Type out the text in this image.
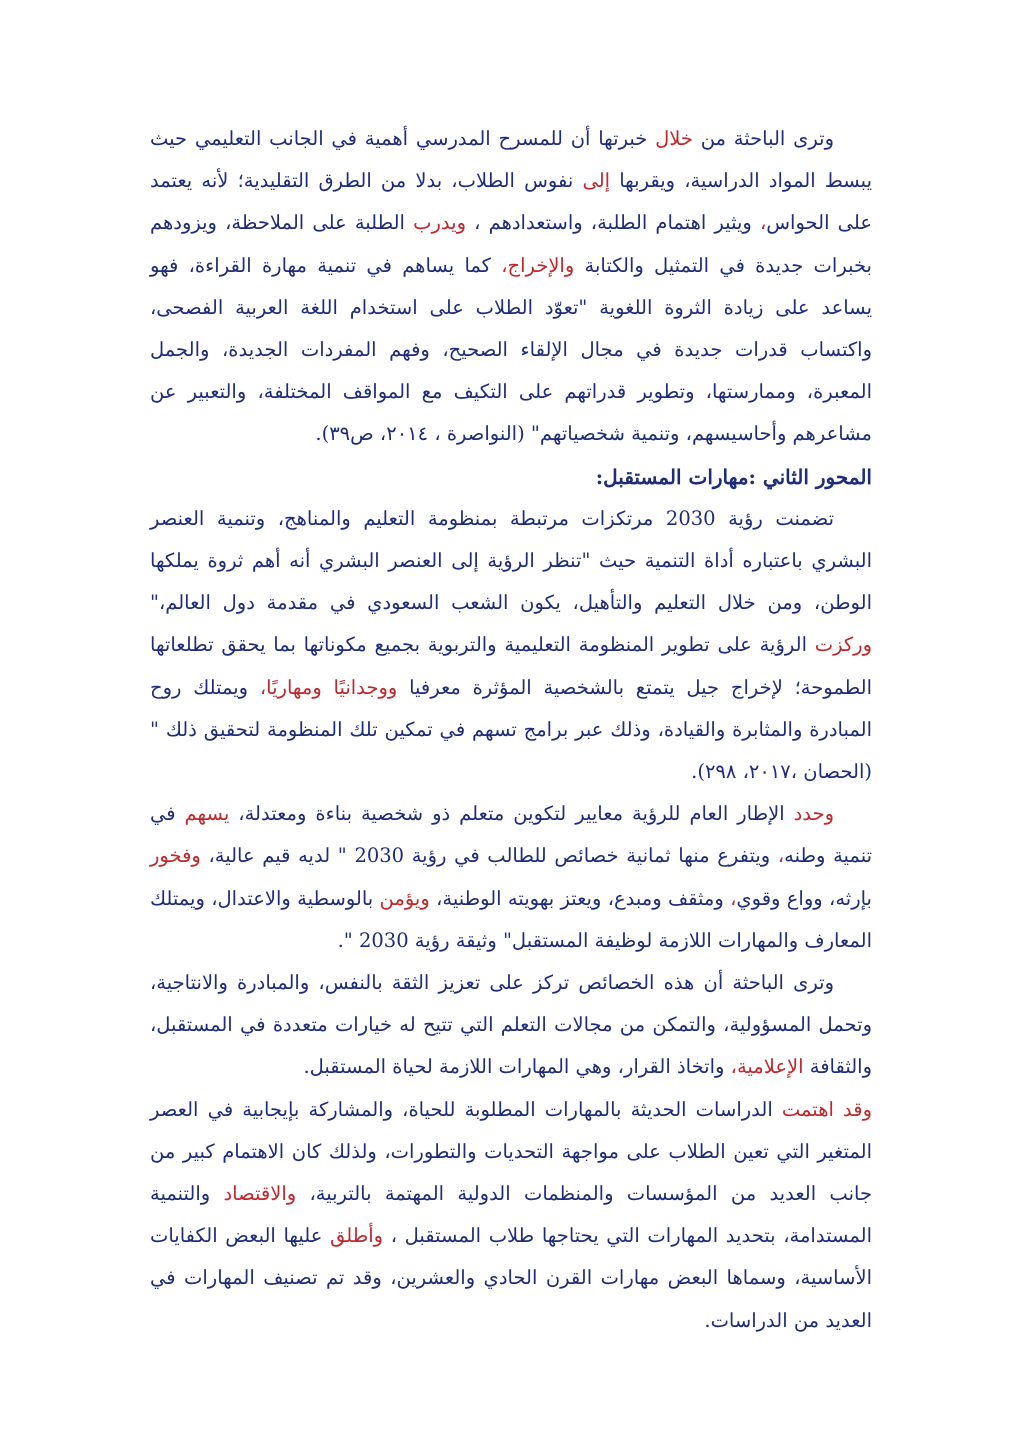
وترى الباحثة من خلال خبرتها أن للمسرح المدرسي أهمية في الجانب التعليمي حيث يبسط المواد الدراسية، ويقربها إلى نفوس الطلاب، بدلا من الطرق التقليدية؛ لأنه يعتمد على الحواس، ويثير اهتمام الطلبة، واستعدادهم ، ويدرب الطلبة على الملاحظة، ويزودهم بخبرات جديدة في التمثيل والكتابة والإخراج، كما يساهم في تنمية مهارة القراءة، فهو يساعد على زيادة الثروة اللغوية "تعوّد الطلاب على استخدام اللغة العربية الفصحى، واكتساب قدرات جديدة في مجال الإلقاء الصحيح، وفهم المفردات الجديدة، والجمل المعبرة، وممارستها، وتطوير قدراتهم على التكيف مع المواقف المختلفة، والتعبير عن مشاعرهم وأحاسيسهم، وتنمية شخصياتهم" (النواصرة ، ٢٠١٤، ص٣٩).

المحور الثاني :مهارات المستقبل:

تضمنت رؤية 2030 مرتكزات مرتبطة بمنظومة التعليم والمناهج، وتنمية العنصر البشري باعتباره أداة التنمية حيث "تنظر الرؤية إلى العنصر البشري أنه أهم ثروة يملكها الوطن، ومن خلال التعليم والتأهيل، يكون الشعب السعودي في مقدمة دول العالم،" وركزت الرؤية على تطوير المنظومة التعليمية والتربوية بجميع مكوناتها بما يحقق تطلعاتها الطموحة؛ لإخراج جيل يتمتع بالشخصية المؤثرة معرفيا ووجدانيًا ومهاريًا، ويمتلك روح المبادرة والمثابرة والقيادة، وذلك عبر برامج تسهم في تمكين تلك المنظومة لتحقيق ذلك "(الحصان ،٢٠١٧، ٢٩٨).

وحدد الإطار العام للرؤية معايير لتكوين متعلم ذو شخصية بناءة ومعتدلة، يسهم في تنمية وطنه، ويتفرع منها ثمانية خصائص للطالب في رؤية 2030 " لديه قيم عالية، وفخور بإرثه، وواع وقوي، ومثقف ومبدع، ويعتز بهويته الوطنية، ويؤمن بالوسطية والاعتدال، ويمتلك المعارف والمهارات اللازمة لوظيفة المستقبل" وثيقة رؤية 2030 ".

وترى الباحثة أن هذه الخصائص تركز على تعزيز الثقة بالنفس، والمبادرة والانتاجية، وتحمل المسؤولية، والتمكن من مجالات التعلم التي تتيح له خيارات متعددة في المستقبل، والثقافة الإعلامية، واتخاذ القرار، وهي المهارات اللازمة لحياة المستقبل.

وقد اهتمت الدراسات الحديثة بالمهارات المطلوبة للحياة، والمشاركة بإيجابية في العصر المتغير التي تعين الطلاب على مواجهة التحديات والتطورات، ولذلك كان الاهتمام كبير من جانب العديد من المؤسسات والمنظمات الدولية المهتمة بالتربية، والاقتصاد والتنمية المستدامة، بتحديد المهارات التي يحتاجها طلاب المستقبل ، وأطلق عليها البعض الكفايات الأساسية، وسماها البعض مهارات القرن الحادي والعشرين، وقد تم تصنيف المهارات في العديد من الدراسات.
